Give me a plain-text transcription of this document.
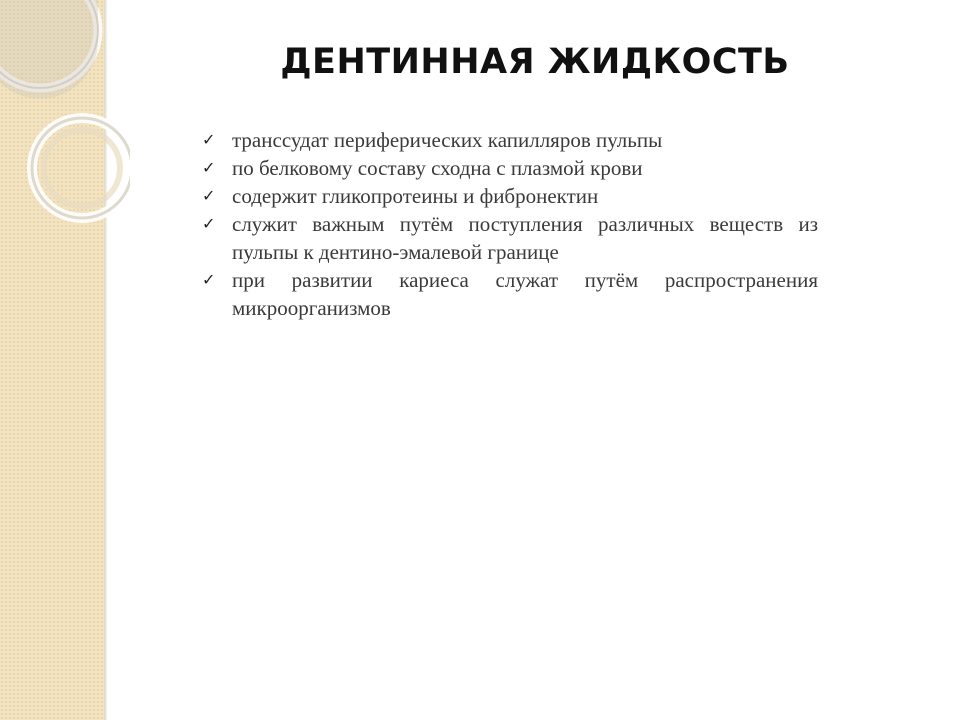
ДЕНТИННАЯ ЖИДКОСТЬ
✓ транссудат периферических капилляров пульпы
✓ по белковому составу сходна с плазмой крови
✓ содержит гликопротеины и фибронектин
✓ служит важным путём поступления различных веществ из пульпы к дентино-эмалевой границе
✓ при развитии кариеса служат путём распространения микроорганизмов
